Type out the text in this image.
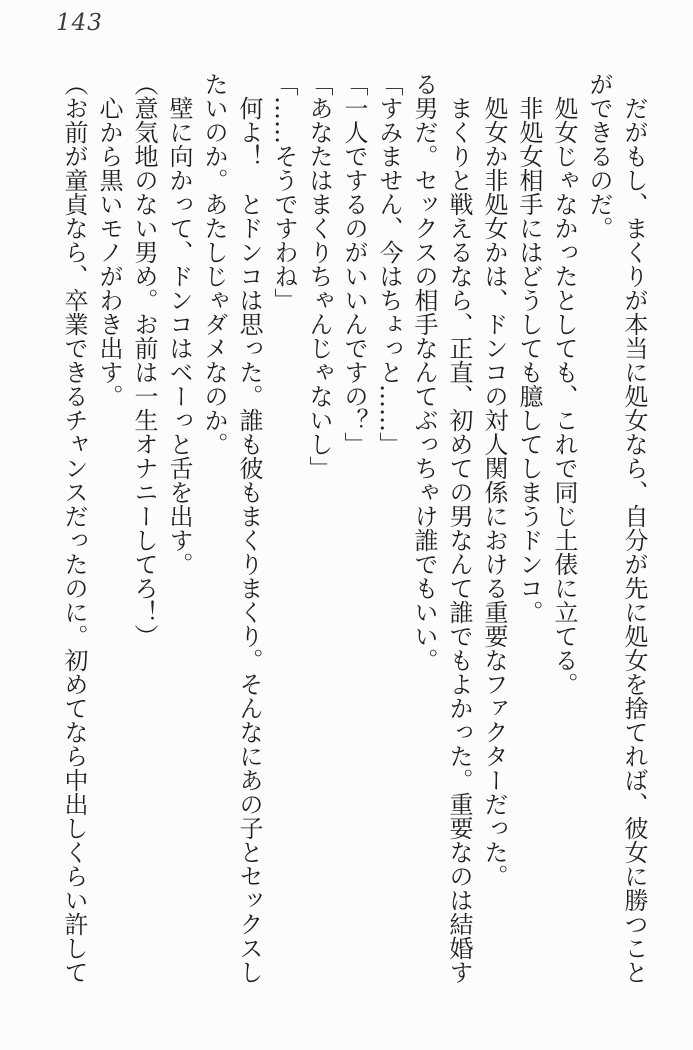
143

だがもし、まくりが本当に処女なら、自分が先に処女を捨てれば、彼女に勝つことができるのだ。

処女じゃなかったとしても、これで同じ土俵に立てる。

非処女相手にはどうしても臆してしまうドンコ。

処女か非処女かは、ドンコの対人関係における重要なファクターだった。

まくりと戦えるなら、正直、初めての男なんて誰でもよかった。重要なのは結婚する男だ。セックスの相手なんてぶっちゃけ誰でもいい。

「すみません、今はちょっと……」

「一人でするのがいいんですの？」

「あなたはまくりちゃんじゃないし」

「……そうですわね」

何よ！　とドンコは思った。誰も彼もまくりまくり。そんなにあの子とセックスしたいのか。あたしじゃダメなのか。

壁に向かって、ドンコはベーっと舌を出す。

（意気地のない男め。お前は一生オナニーしてろ！）

心から黒いモノがわき出す。

（お前が童貞なら、卒業できるチャンスだったのに。初めてなら中出しくらい許して
